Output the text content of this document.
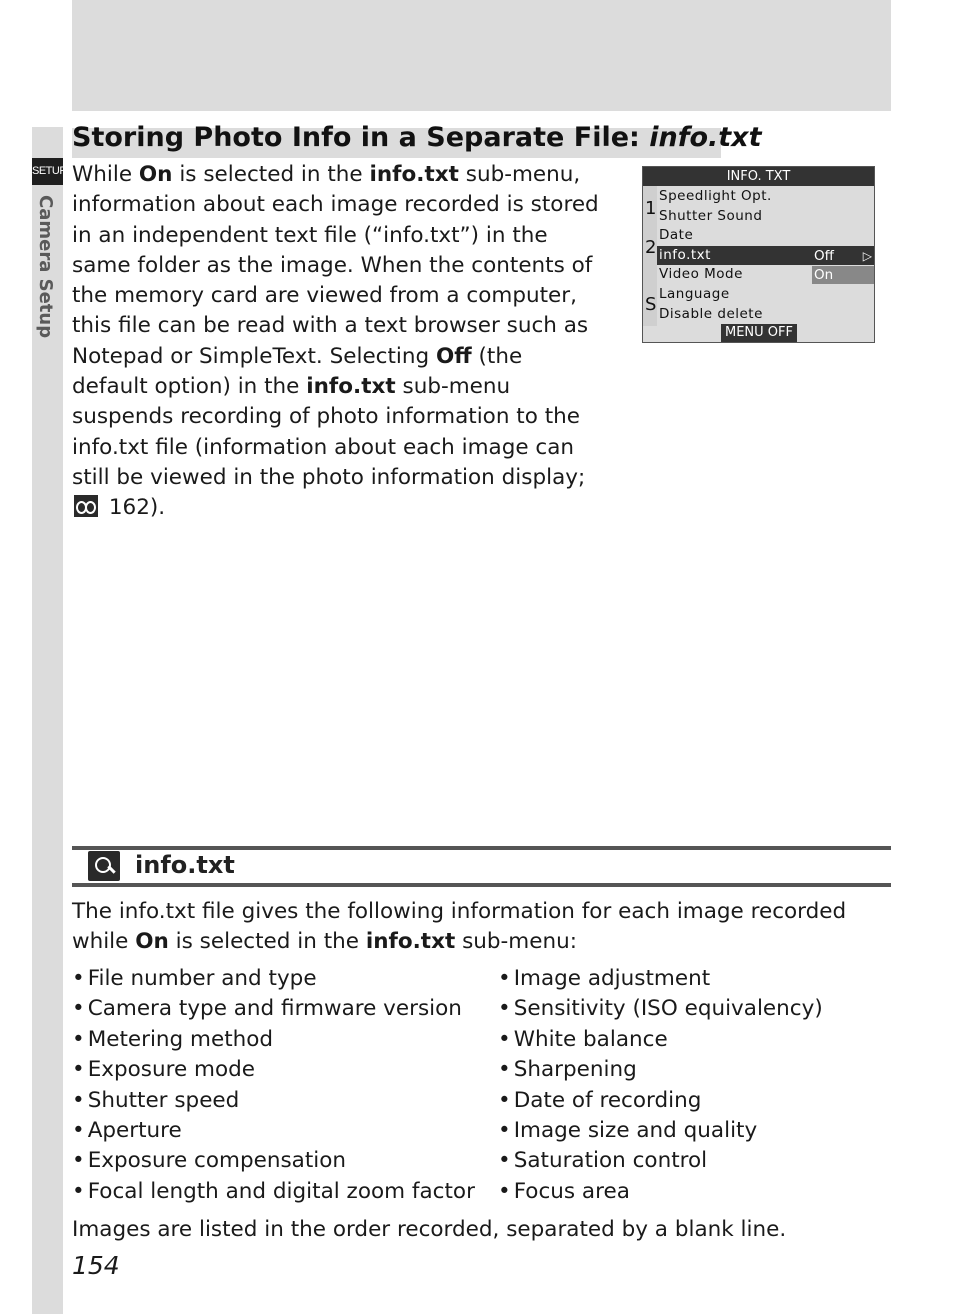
SETUP
Camera Setup
Storing Photo Info in a Separate File: info.txt

While On is selected in the info.txt sub-menu, information about each image recorded is stored in an independent text file (“info.txt”) in the same folder as the image. When the contents of the memory card are viewed from a computer, this file can be read with a text browser such as Notepad or SimpleText. Selecting Off (the default option) in the info.txt sub-menu suspends recording of photo information to the info.txt file (information about each image can still be viewed in the photo information display;  162).

INFO. TXT
1
2
S
Speedlight Opt.
Shutter Sound
Date
info.txt
Video Mode
Language
Disable delete
Off ▷
On
MENU OFF
info.txt

The info.txt file gives the following information for each image recorded while On is selected in the info.txt sub-menu:

• File number and type
• Camera type and firmware version
• Metering method
• Exposure mode
• Shutter speed
• Aperture
• Exposure compensation
• Focal length and digital zoom factor
• Image adjustment
• Sensitivity (ISO equivalency)
• White balance
• Sharpening
• Date of recording
• Image size and quality
• Saturation control
• Focus area

Images are listed in the order recorded, separated by a blank line.

154
